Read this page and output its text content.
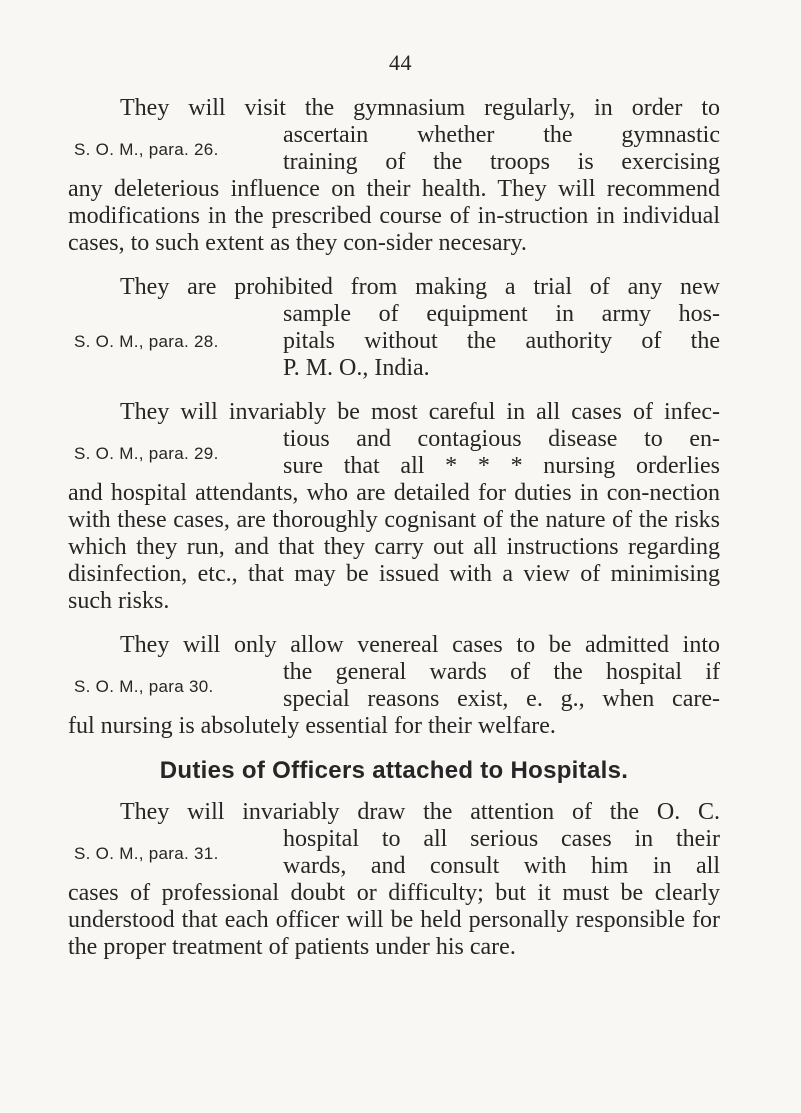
44
They will visit the gymnasium regularly, in order to
S. O. M., para. 26.
ascertain whether the gymnastic
training of the troops is exercising
any deleterious influence on their health. They will recommend modifications in the prescribed course of in-struction in individual cases, to such extent as they con-sider necesary.
They are prohibited from making a trial of any new
S. O. M., para. 28.
sample of equipment in army hos-
pitals without the authority of the
P. M. O., India.
They will invariably be most careful in all cases of infec-
S. O. M., para. 29.
tious and contagious disease to en-
sure that all * * * nursing orderlies
and hospital attendants, who are detailed for duties in con-nection with these cases, are thoroughly cognisant of the nature of the risks which they run, and that they carry out all instructions regarding disinfection, etc., that may be issued with a view of minimising such risks.
They will only allow venereal cases to be admitted into
S. O. M., para 30.
the general wards of the hospital if
special reasons exist, e. g., when care-
ful nursing is absolutely essential for their welfare.
Duties of Officers attached to Hospitals.
They will invariably draw the attention of the O. C.
S. O. M., para. 31.
hospital to all serious cases in their
wards, and consult with him in all
cases of professional doubt or difficulty; but it must be clearly understood that each officer will be held personally responsible for the proper treatment of patients under his care.
